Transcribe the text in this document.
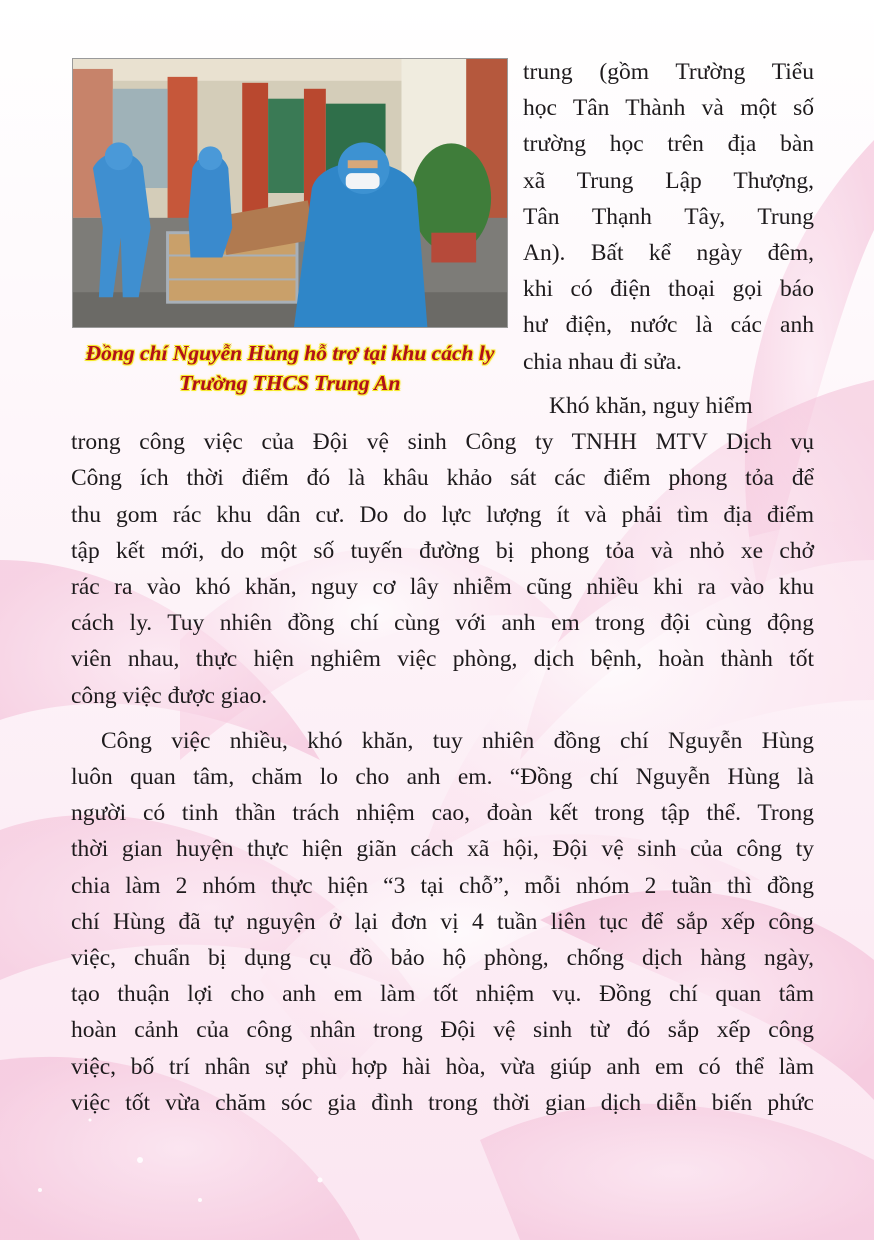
Đồng chí Nguyễn Hùng hỗ trợ tại khu cách ly
Trường THCS Trung An
trung (gồm Trường Tiểu
học Tân Thành và một số
trường học trên địa bàn
xã Trung Lập Thượng,
Tân Thạnh Tây, Trung
An). Bất kể ngày đêm,
khi có điện thoại gọi báo
hư điện, nước là các anh
chia nhau đi sửa.
Khó khăn, nguy hiểm
trong công việc của Đội vệ sinh Công ty TNHH MTV Dịch vụ
Công ích thời điểm đó là khâu khảo sát các điểm phong tỏa để
thu gom rác khu dân cư. Do do lực lượng ít và phải tìm địa điểm
tập kết mới, do một số tuyến đường bị phong tỏa và nhỏ xe chở
rác ra vào khó khăn, nguy cơ lây nhiễm cũng nhiều khi ra vào khu
cách ly. Tuy nhiên đồng chí cùng với anh em trong đội cùng động
viên nhau, thực hiện nghiêm việc phòng, dịch bệnh, hoàn thành tốt
công việc được giao.
Công việc nhiều, khó khăn, tuy nhiên đồng chí Nguyễn Hùng
luôn quan tâm, chăm lo cho anh em. “Đồng chí Nguyễn Hùng là
người có tinh thần trách nhiệm cao, đoàn kết trong tập thể. Trong
thời gian huyện thực hiện giãn cách xã hội, Đội vệ sinh của công ty
chia làm 2 nhóm thực hiện “3 tại chỗ”, mỗi nhóm 2 tuần thì đồng
chí Hùng đã tự nguyện ở lại đơn vị 4 tuần liên tục để sắp xếp công
việc, chuẩn bị dụng cụ đồ bảo hộ phòng, chống dịch hàng ngày,
tạo thuận lợi cho anh em làm tốt nhiệm vụ. Đồng chí quan tâm
hoàn cảnh của công nhân trong Đội vệ sinh từ đó sắp xếp công
việc, bố trí nhân sự phù hợp hài hòa, vừa giúp anh em có thể làm
việc tốt vừa chăm sóc gia đình trong thời gian dịch diễn biến phức
